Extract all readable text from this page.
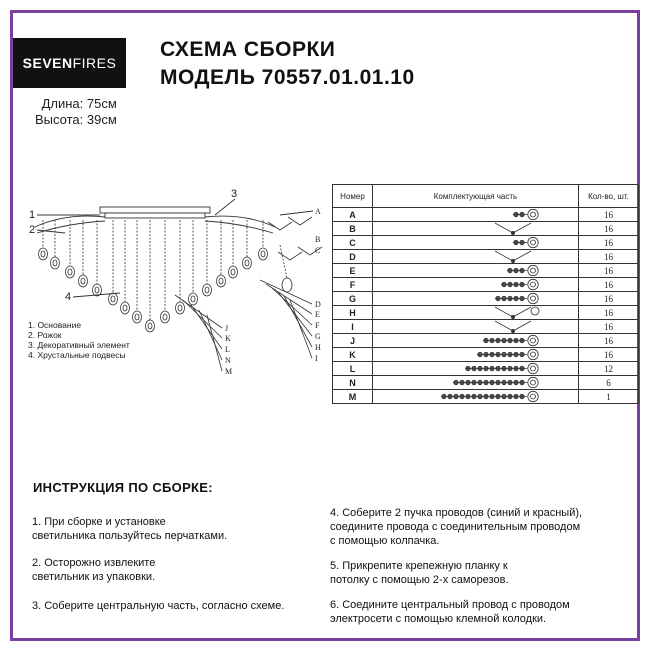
SEVEN FIRES
СХЕМА СБОРКИ
МОДЕЛЬ 70557.01.01.10
Длина: 75см
Высота: 39см
1
2
3
4
A
B
C
D
E
F
G
H
I
J
K
L
N
M
1. Основание
2. Рожок
3. Декоративный элемент
4. Хрустальные подвесы
Номер	Комплектующая часть	Кол-во, шт.
A		16
B		16
C		16
D		16
E		16
F		16
G		16
H		16
I		16
J		16
K		16
L		12
N		6
M		1
ИНСТРУКЦИЯ ПО СБОРКЕ:
1. При сборке и установке
светильника пользуйтесь перчатками.
2. Осторожно извлеките
светильник из упаковки.
3. Соберите центральную часть, согласно схеме.
4. Соберите 2 пучка проводов (синий и красный),
соедините провода с соединительным проводом
с помощью колпачка.
5. Прикрепите крепежную планку к
потолку с помощью 2-х саморезов.
6. Соедините центральный провод с проводом
электросети с помощью клемной колодки.
